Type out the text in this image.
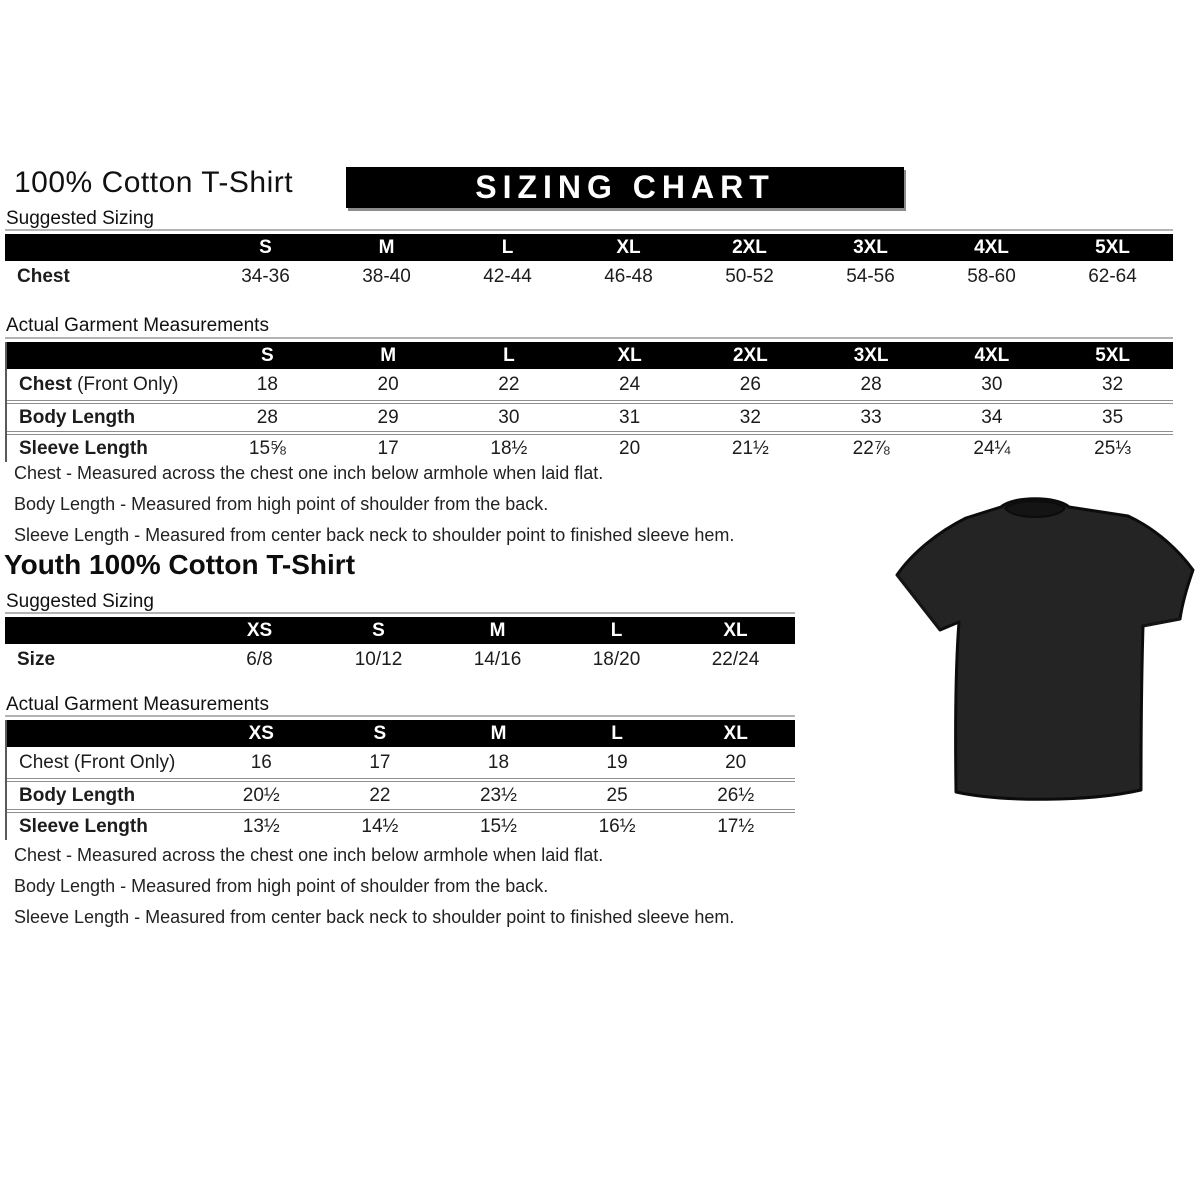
100% Cotton T-Shirt	SIZING CHART
Suggested Sizing
	S	M	L	XL	2XL	3XL	4XL	5XL
Chest	34-36	38-40	42-44	46-48	50-52	54-56	58-60	62-64
Actual Garment Measurements
	S	M	L	XL	2XL	3XL	4XL	5XL
Chest (Front Only)	18	20	22	24	26	28	30	32
Body Length	28	29	30	31	32	33	34	35
Sleeve Length	15⅝	17	18½	20	21½	22⅞	24¼	25⅓
Chest - Measured across the chest one inch below armhole when laid flat.
Body Length - Measured from high point of shoulder from the back.
Sleeve Length - Measured from center back neck to shoulder point to finished sleeve hem.
Youth 100% Cotton T-Shirt
Suggested Sizing
	XS	S	M	L	XL
Size	6/8	10/12	14/16	18/20	22/24
Actual Garment Measurements
	XS	S	M	L	XL
Chest (Front Only)	16	17	18	19	20
Body Length	20½	22	23½	25	26½
Sleeve Length	13½	14½	15½	16½	17½
Chest - Measured across the chest one inch below armhole when laid flat.
Body Length - Measured from high point of shoulder from the back.
Sleeve Length - Measured from center back neck to shoulder point to finished sleeve hem.
